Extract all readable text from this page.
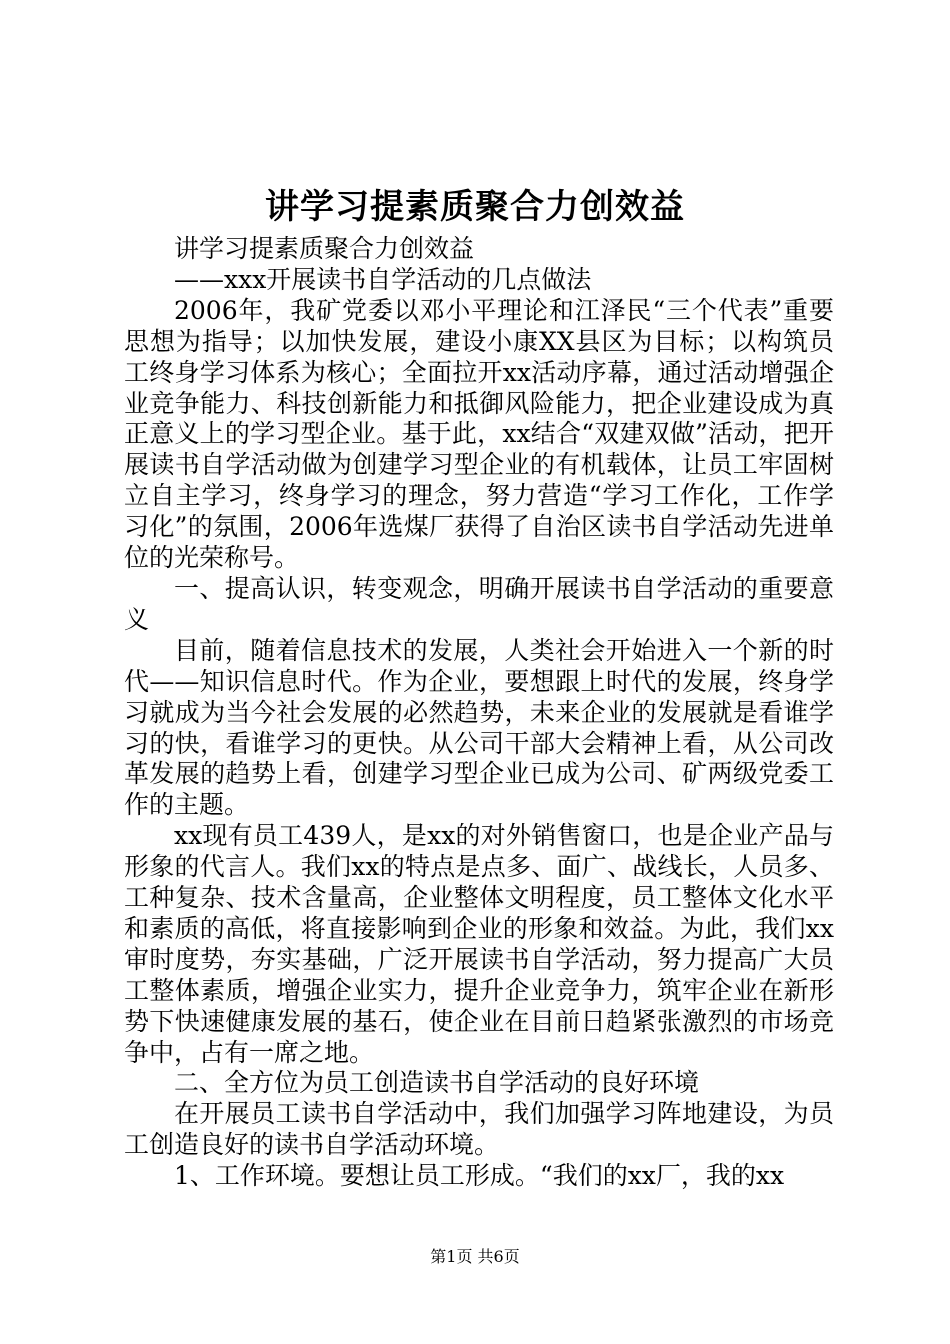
讲学习提素质聚合力创效益

讲学习提素质聚合力创效益

——xxx开展读书自学活动的几点做法

2006年，我矿党委以邓小平理论和江泽民“三个代表”重要思想为指导；以加快发展，建设小康XX县区为目标；以构筑员工终身学习体系为核心；全面拉开xx活动序幕，通过活动增强企业竞争能力、科技创新能力和抵御风险能力，把企业建设成为真正意义上的学习型企业。基于此，xx结合“双建双做”活动，把开展读书自学活动做为创建学习型企业的有机载体，让员工牢固树立自主学习，终身学习的理念，努力营造“学习工作化，工作学习化”的氛围，2006年选煤厂获得了自治区读书自学活动先进单位的光荣称号。

一、提高认识，转变观念，明确开展读书自学活动的重要意义

目前，随着信息技术的发展，人类社会开始进入一个新的时代——知识信息时代。作为企业，要想跟上时代的发展，终身学习就成为当今社会发展的必然趋势，未来企业的发展就是看谁学习的快，看谁学习的更快。从公司干部大会精神上看，从公司改革发展的趋势上看，创建学习型企业已成为公司、矿两级党委工作的主题。

xx现有员工439人，是xx的对外销售窗口，也是企业产品与形象的代言人。我们xx的特点是点多、面广、战线长，人员多、工种复杂、技术含量高，企业整体文明程度，员工整体文化水平和素质的高低，将直接影响到企业的形象和效益。为此，我们xx审时度势，夯实基础，广泛开展读书自学活动，努力提高广大员工整体素质，增强企业实力，提升企业竞争力，筑牢企业在新形势下快速健康发展的基石，使企业在目前日趋紧张激烈的市场竞争中，占有一席之地。

二、全方位为员工创造读书自学活动的良好环境

在开展员工读书自学活动中，我们加强学习阵地建设，为员工创造良好的读书自学活动环境。

1、工作环境。要想让员工形成。“我们的xx厂，我的xx

第1页 共6页
